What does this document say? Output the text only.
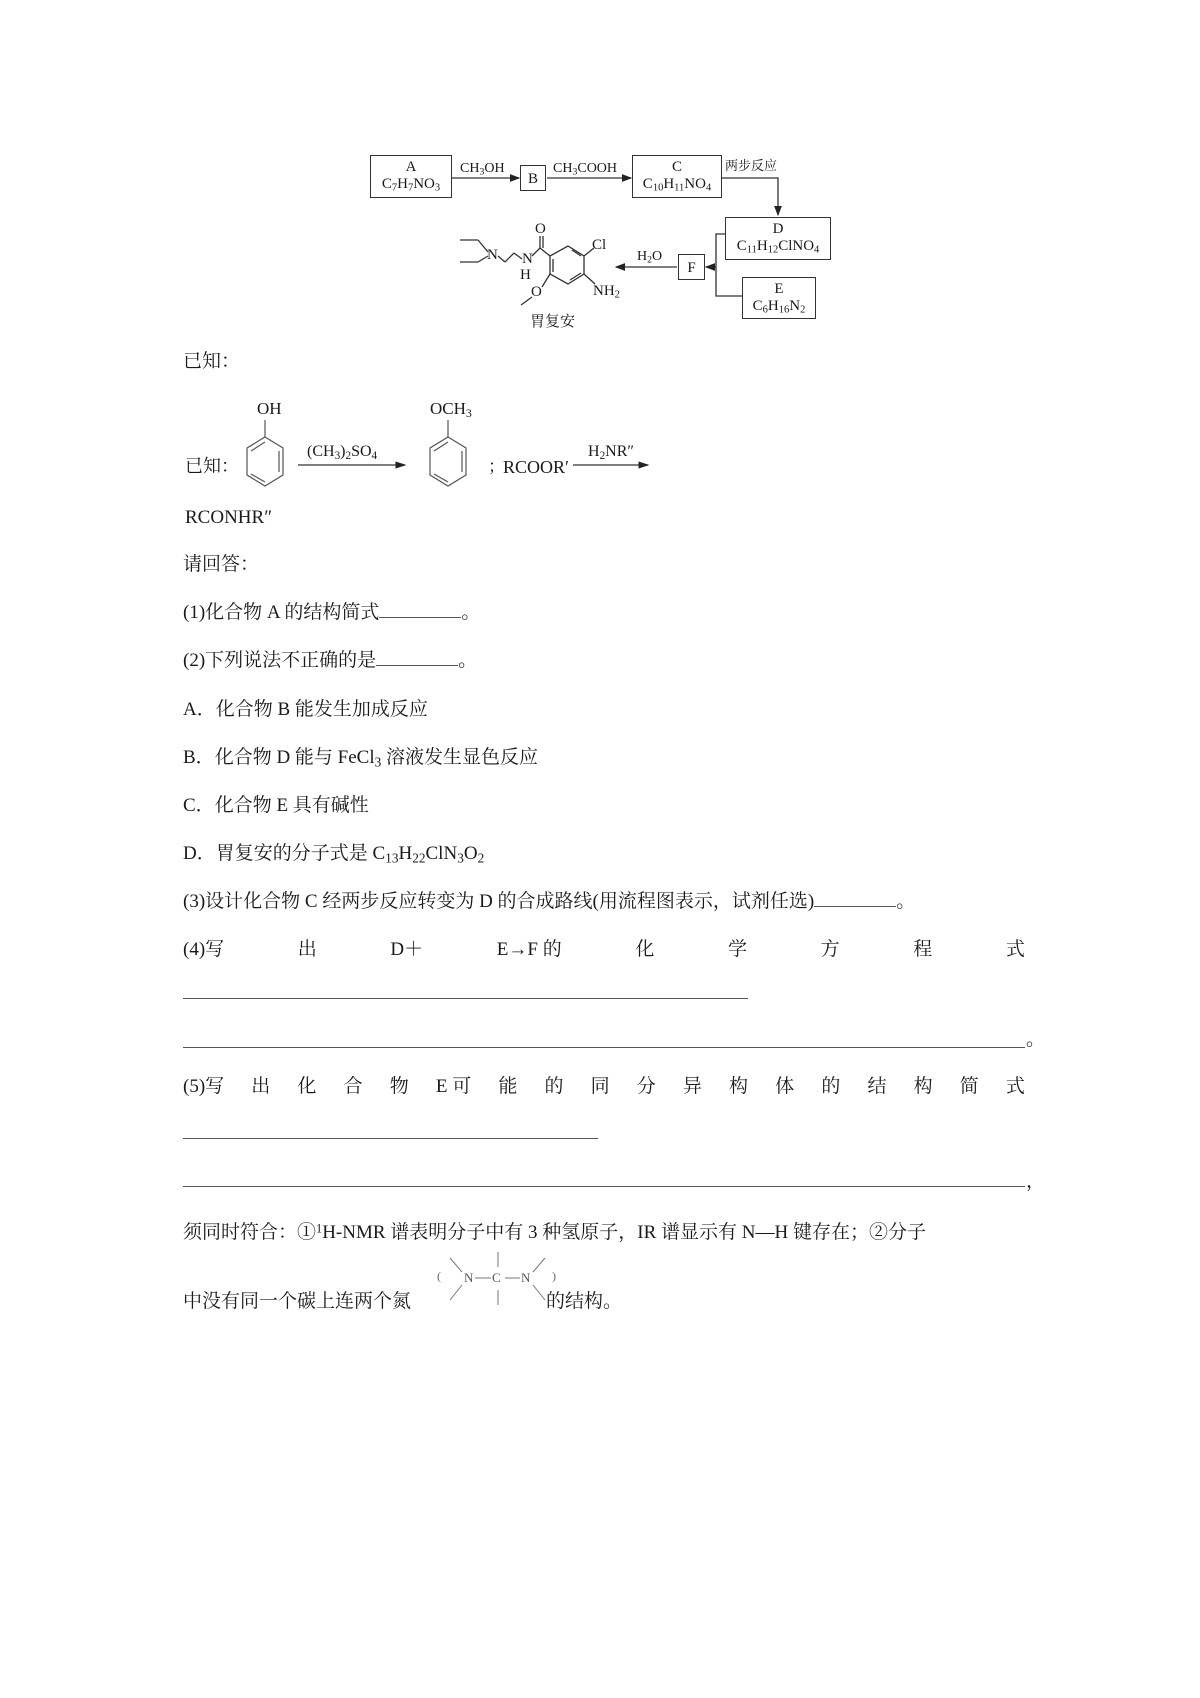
A
$C_7H_7NO_3$
$CH_3OH$
B
$CH_3COOH$	C
$C_{10}H_{11}NO_4$
两步反应
D
$C_{11}H_{12}ClNO_4$
E
$C_6H_{16}N_2$
F
$H_2O$
O
N N
H
Cl
$NH_2$
O
胃复安
已知：
已知：
OH
$(CH_3)_2SO_4$
$OCH_3$
；
RCOOR′
$H_2NR''$
RCONHR″
请回答：
(1)化合物 A 的结构简式	。
(2)下列说法不正确的是	。
A．化合物 B 能发生加成反应
B．化合物 D 能与 FeCl$_3$ 溶液发生显色反应
C．化合物 E 具有碱性
D．胃复安的分子式是 $C_{13}H_{22}ClN_3O_2$
(3)设计化合物 C 经两步反应转变为 D 的合成路线(用流程图表示，试剂任选)	。
(4)写	出	D＋	E→F 的	化	学	方	程	式
。
(5)写 出 化 合 物 E 可 能 的 同 分 异 构 体 的 结 构 简 式
，
须同时符合：①$^1$H-NMR 谱表明分子中有 3 种氢原子，IR 谱显示有 N—H 键存在；②分子
中没有同一个碳上连两个氮	的结构。
( N C N )
